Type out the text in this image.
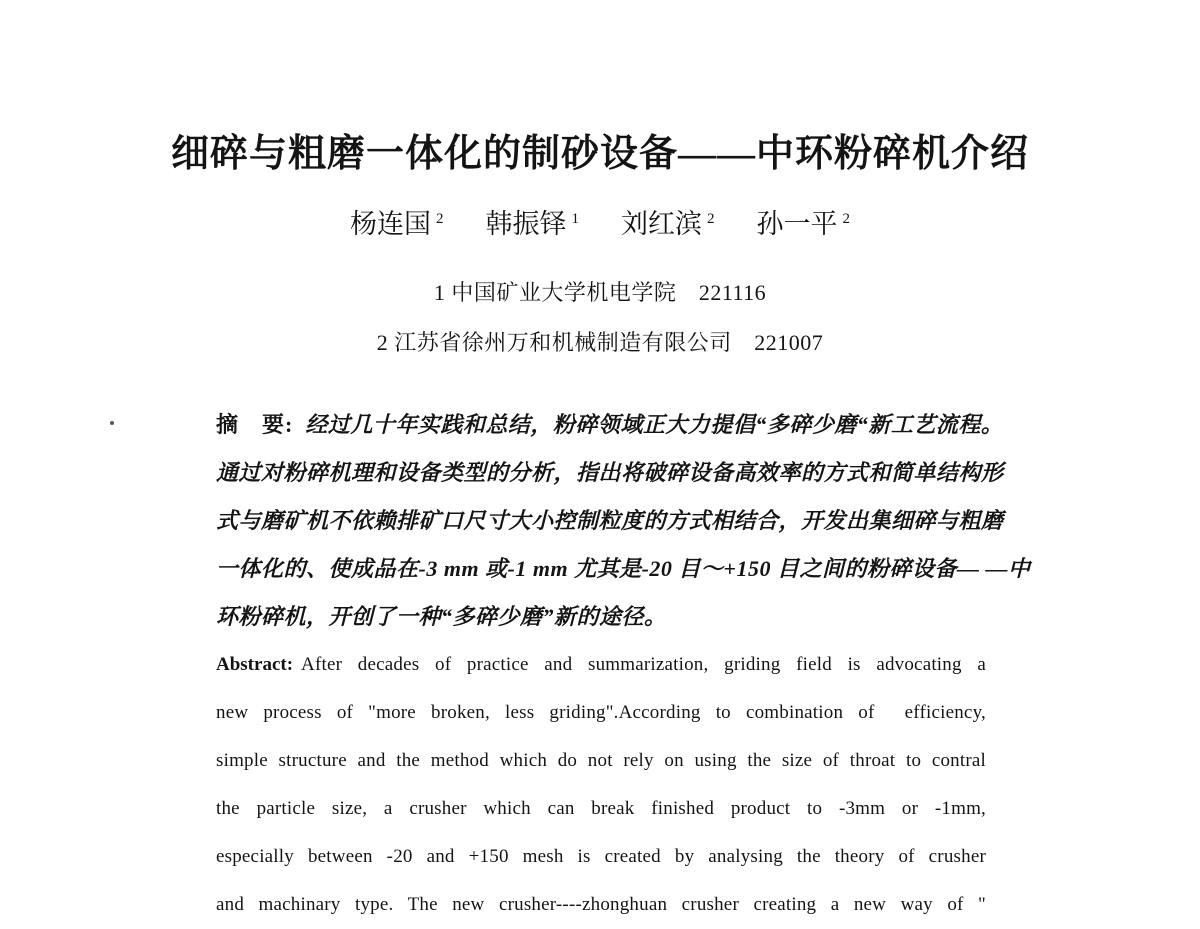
细碎与粗磨一体化的制砂设备——中环粉碎机介绍
杨连国 $^2$ 韩振铎 $^1$ 刘红滨 $^2$ 孙一平 $^2$
1 中国矿业大学机电学院　221116
2 江苏省徐州万和机械制造有限公司　221007
摘　要: 经过几十年实践和总结，粉碎领域正大力提倡“多碎少磨“新工艺流程。
通过对粉碎机理和设备类型的分析，指出将破碎设备高效率的方式和简单结构形
式与磨矿机不依赖排矿口尺寸大小控制粒度的方式相结合，开发出集细碎与粗磨
一体化的、使成品在-3 mm 或-1 mm 尤其是-20 目～+150 目之间的粉碎设备— —中
环粉碎机，开创了一种“多碎少磨”新的途径。
Abstract: After decades of practice and summarization, griding field is advocating a
new process of "more broken, less griding".According to combination of  efficiency,
simple structure and the method which do not rely on using the size of throat to contral
the particle size, a crusher which can break finished product to -3mm or -1mm,
especially between -20 and +150 mesh is created by analysing the theory of crusher
and machinary type. The new crusher----zhonghuan crusher creating a new way of "
